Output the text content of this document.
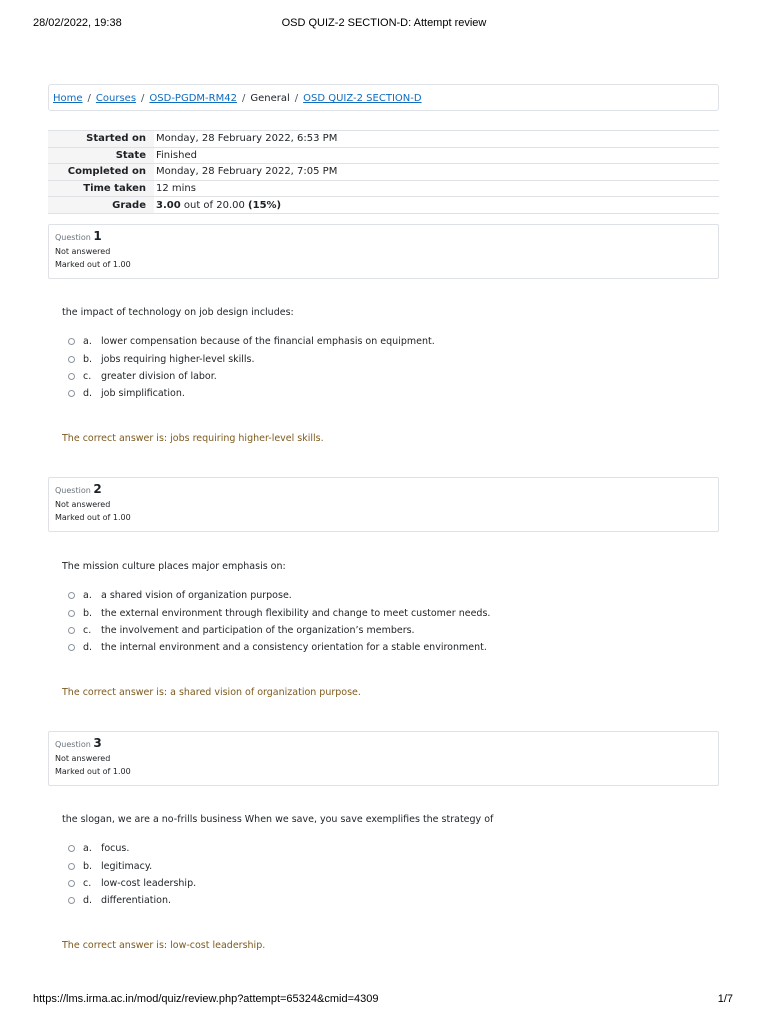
28/02/2022, 19:38	OSD QUIZ-2 SECTION-D: Attempt review
Home / Courses / OSD-PGDM-RM42 / General / OSD QUIZ-2 SECTION-D
Started on	Monday, 28 February 2022, 6:53 PM
State	Finished
Completed on	Monday, 28 February 2022, 7:05 PM
Time taken	12 mins
Grade	3.00 out of 20.00 (15%)
Question 1
Not answered
Marked out of 1.00
the impact of technology on job design includes:
a. lower compensation because of the financial emphasis on equipment.
b. jobs requiring higher-level skills.
c.	greater division of labor.
d. job simplification.
The correct answer is: jobs requiring higher-level skills.
Question 2
Not answered
Marked out of 1.00
The mission culture places major emphasis on:
a. a shared vision of organization purpose.
b. the external environment through flexibility and change to meet customer needs.
c.	the involvement and participation of the organization’s members.
d. the internal environment and a consistency orientation for a stable environment.
The correct answer is: a shared vision of organization purpose.
Question 3
Not answered
Marked out of 1.00
the slogan, we are a no-frills business When we save, you save exemplifies the strategy of
a. focus.
b. legitimacy.
c.	low-cost leadership.
d. differentiation.
The correct answer is: low-cost leadership.
https://lms.irma.ac.in/mod/quiz/review.php?attempt=65324&cmid=4309	1/7
